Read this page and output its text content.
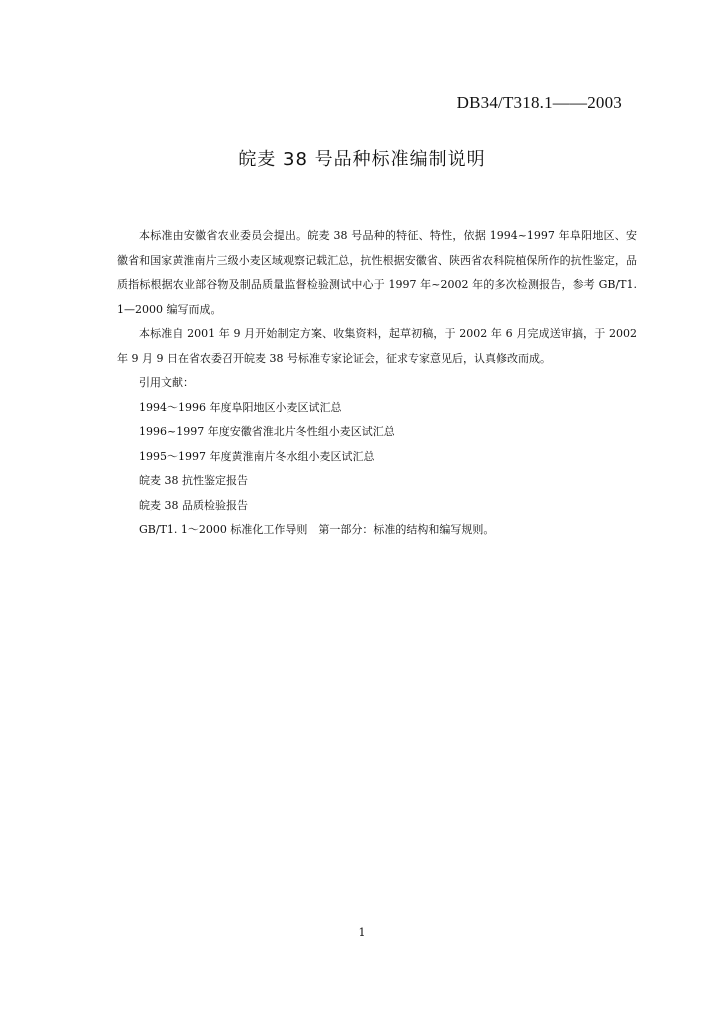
DB34/T318.1——2003
皖麦 38 号品种标准编制说明

本标准由安徽省农业委员会提出。皖麦 38 号品种的特征、特性，依据 1994~1997 年阜阳地区、安徽省和国家黄淮南片三级小麦区域观察记载汇总，抗性根据安徽省、陕西省农科院植保所作的抗性鉴定，品质指标根据农业部谷物及制品质量监督检验测试中心于 1997 年~2002 年的多次检测报告，参考 GB/T1. 1—2000 编写而成。

本标准自 2001 年 9 月开始制定方案、收集资料，起草初稿，于 2002 年 6 月完成送审搞，于 2002 年 9 月 9 日在省农委召开皖麦 38 号标准专家论证会，征求专家意见后，认真修改而成。

引用文献：

1994～1996 年度阜阳地区小麦区试汇总

1996~1997 年度安徽省淮北片冬性组小麦区试汇总

1995～1997 年度黄淮南片冬水组小麦区试汇总

皖麦 38 抗性鉴定报告

皖麦 38 品质检验报告

GB/T1. 1～2000 标准化工作导则　第一部分：标准的结构和编写规则。

1
